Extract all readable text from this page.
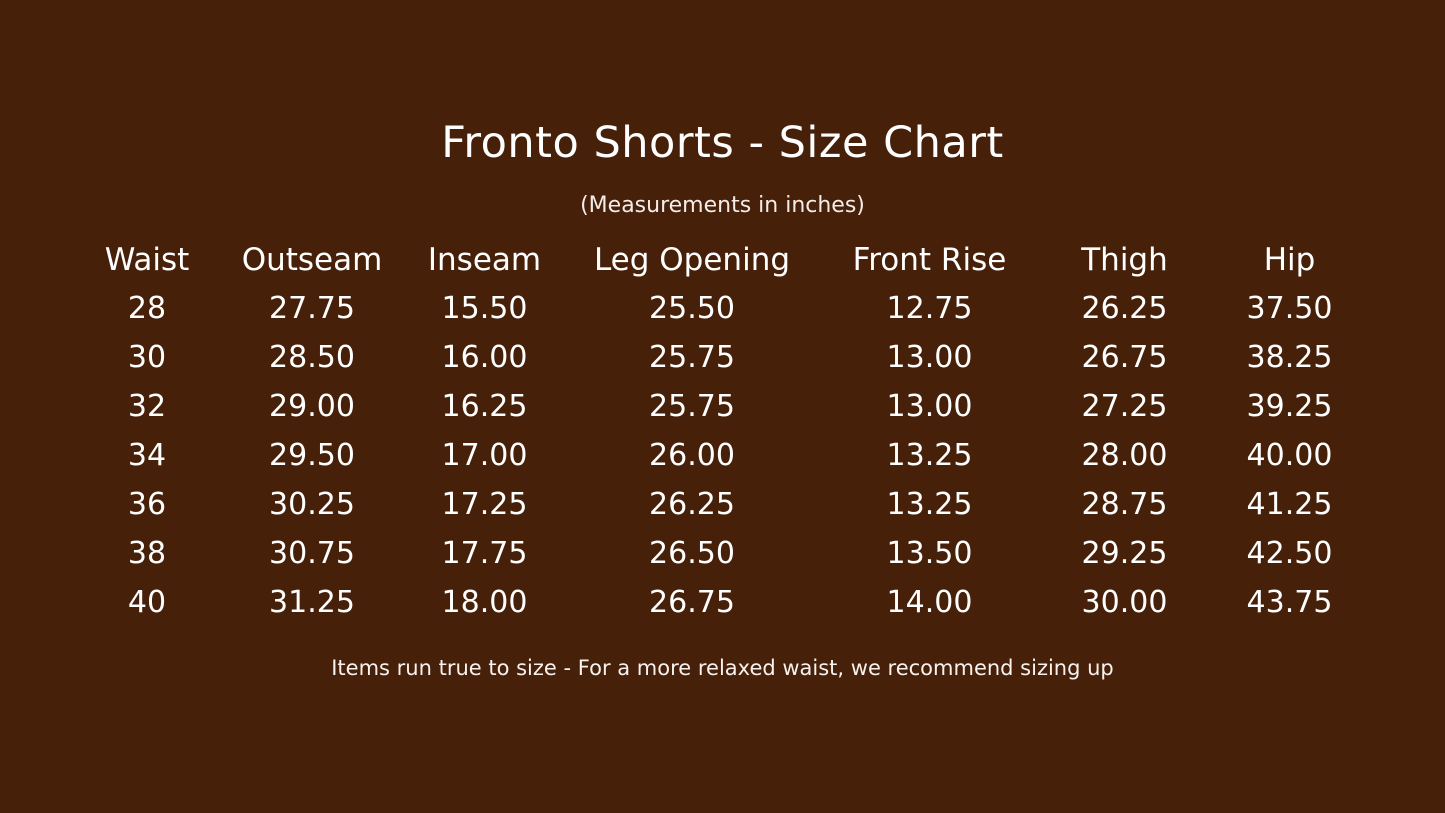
Fronto Shorts - Size Chart
(Measurements in inches)
Waist	Outseam	Inseam	Leg Opening	Front Rise	Thigh	Hip
28	27.75	15.50	25.50	12.75	26.25	37.50
30	28.50	16.00	25.75	13.00	26.75	38.25
32	29.00	16.25	25.75	13.00	27.25	39.25
34	29.50	17.00	26.00	13.25	28.00	40.00
36	30.25	17.25	26.25	13.25	28.75	41.25
38	30.75	17.75	26.50	13.50	29.25	42.50
40	31.25	18.00	26.75	14.00	30.00	43.75
Items run true to size - For a more relaxed waist, we recommend sizing up
